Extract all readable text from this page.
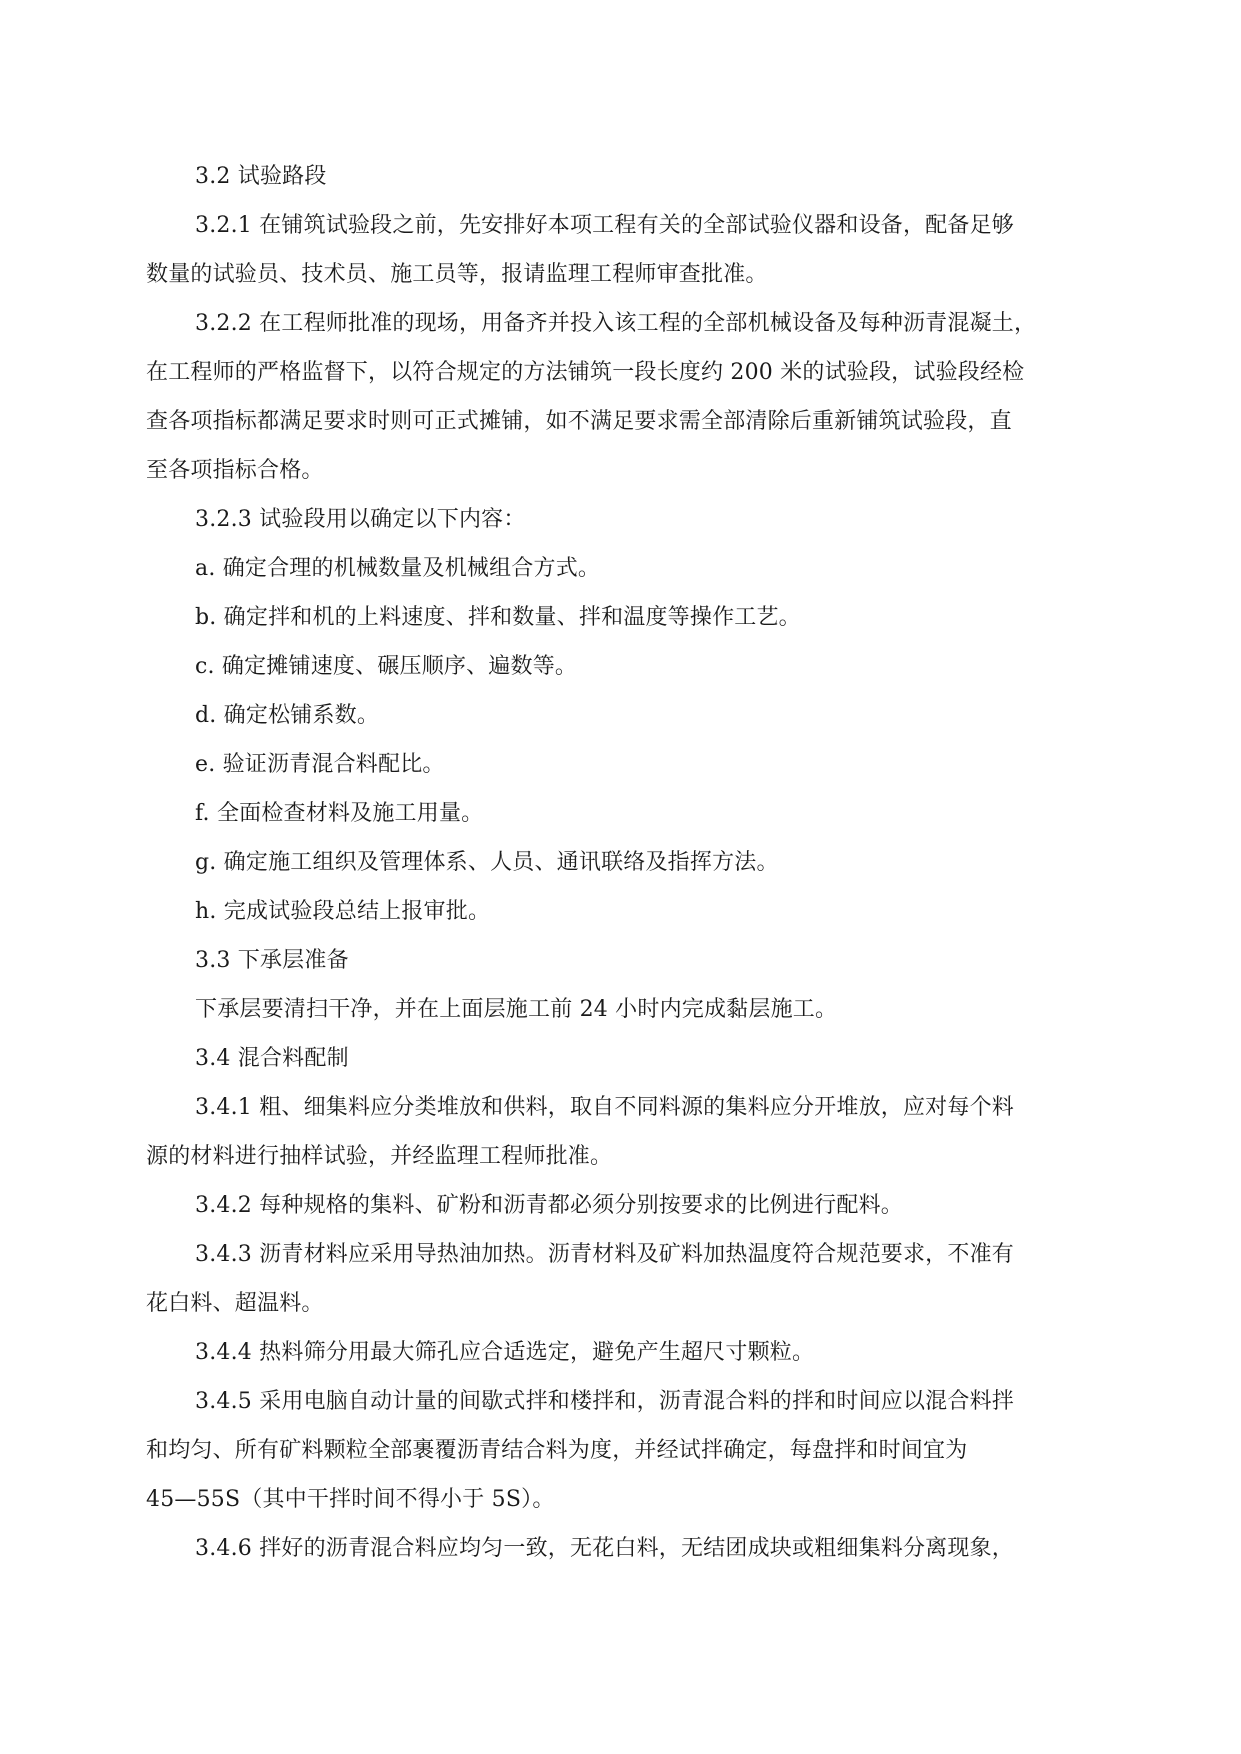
3.2 试验路段
3.2.1 在铺筑试验段之前，先安排好本项工程有关的全部试验仪器和设备，配备足够
数量的试验员、技术员、施工员等，报请监理工程师审查批准。
3.2.2 在工程师批准的现场，用备齐并投入该工程的全部机械设备及每种沥青混凝土，
在工程师的严格监督下，以符合规定的方法铺筑一段长度约 200 米的试验段，试验段经检
查各项指标都满足要求时则可正式摊铺，如不满足要求需全部清除后重新铺筑试验段，直
至各项指标合格。
3.2.3 试验段用以确定以下内容：
a. 确定合理的机械数量及机械组合方式。
b. 确定拌和机的上料速度、拌和数量、拌和温度等操作工艺。
c. 确定摊铺速度、碾压顺序、遍数等。
d. 确定松铺系数。
e. 验证沥青混合料配比。
f. 全面检查材料及施工用量。
g. 确定施工组织及管理体系、人员、通讯联络及指挥方法。
h. 完成试验段总结上报审批。
3.3 下承层准备
下承层要清扫干净，并在上面层施工前 24 小时内完成黏层施工。
3.4 混合料配制
3.4.1 粗、细集料应分类堆放和供料，取自不同料源的集料应分开堆放，应对每个料
源的材料进行抽样试验，并经监理工程师批准。
3.4.2 每种规格的集料、矿粉和沥青都必须分别按要求的比例进行配料。
3.4.3 沥青材料应采用导热油加热。沥青材料及矿料加热温度符合规范要求，不准有
花白料、超温料。
3.4.4 热料筛分用最大筛孔应合适选定，避免产生超尺寸颗粒。
3.4.5 采用电脑自动计量的间歇式拌和楼拌和，沥青混合料的拌和时间应以混合料拌
和均匀、所有矿料颗粒全部裹覆沥青结合料为度，并经试拌确定，每盘拌和时间宜为
45—55S（其中干拌时间不得小于 5S）。
3.4.6 拌好的沥青混合料应均匀一致，无花白料，无结团成块或粗细集料分离现象，
